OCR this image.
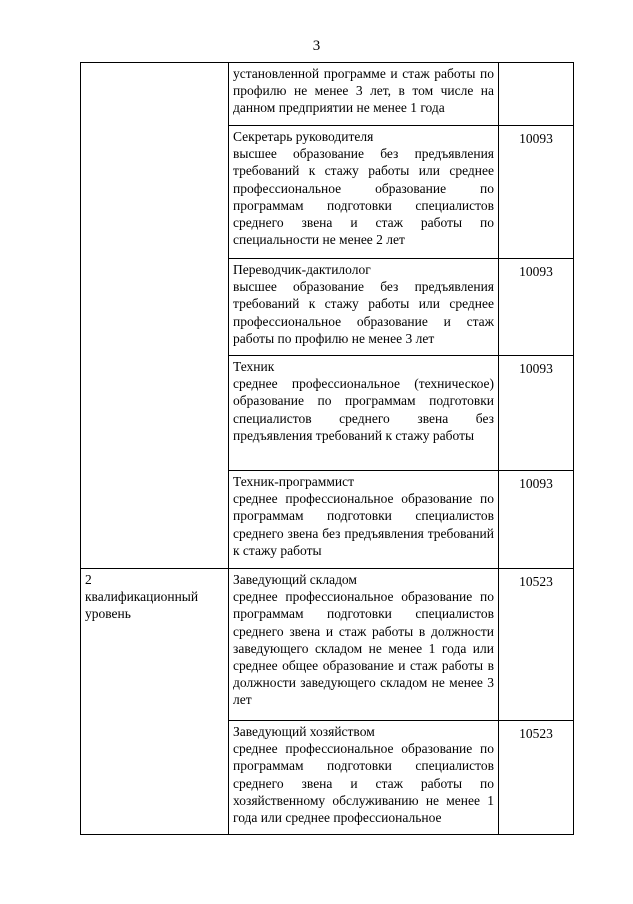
3

	установленной программе и стаж работы по профилю не менее 3 лет, в том числе на данном предприятии не менее 1 года	

	Секретарь руководителя
высшее образование без предъявления требований к стажу работы или среднее профессиональное образование по программам подготовки специалистов среднего звена и стаж работы по специальности не менее 2 лет	10093

	Переводчик-дактилолог
высшее образование без предъявления требований к стажу работы или среднее профессиональное образование и стаж работы по профилю не менее 3 лет	10093

	Техник
среднее профессиональное (техническое) образование по программам подготовки специалистов среднего звена без предъявления требований к стажу работы	10093

	Техник-программист
среднее профессиональное образование по программам подготовки специалистов среднего звена без предъявления требований к стажу работы	10093

2
квалификационный уровень	Заведующий складом
среднее профессиональное образование по программам подготовки специалистов среднего звена и стаж работы в должности заведующего складом не менее 1 года или среднее общее образование и стаж работы в должности заведующего складом не менее 3 лет	10523

	Заведующий хозяйством
среднее профессиональное образование по программам подготовки специалистов среднего звена и стаж работы по хозяйственному обслуживанию не менее 1 года или среднее профессиональное	10523
